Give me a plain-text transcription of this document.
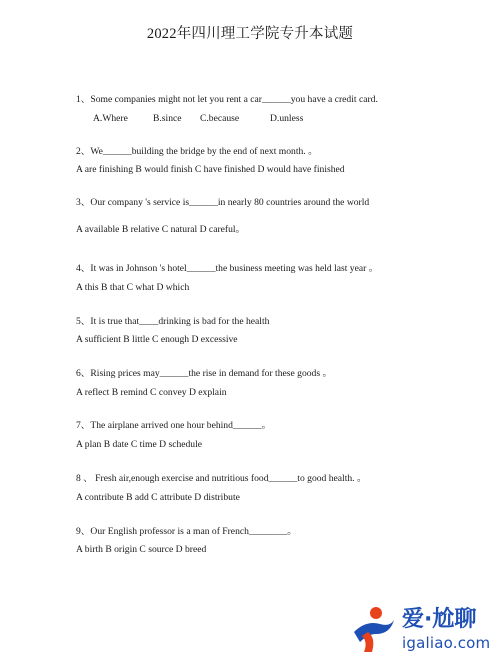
2022年四川理工学院专升本试题
1、Some companies might not let you rent a car______you have a credit card.
A.Where	B.since C.because	D.unless
2、We______building the bridge by the end of next month. 。
A are finishing B would finish C have finished D would have finished
3、Our company 's service is______in nearly 80 countries around the world
A available B relative C natural D careful。
4、It was in Johnson 's hotel______the business meeting was held last year 。
A this B that C what D which
5、It is true that____drinking is bad for the health
A sufficient B little C enough D excessive
6、Rising prices may______the rise in demand for these goods 。
A reflect B remind C convey D explain
7、The airplane arrived one hour behind______。
A plan B date C time D schedule
8 、 Fresh air,enough exercise and nutritious food______to good health. 。
A contribute B add C attribute D distribute
9、Our English professor is a man of French________。
A birth B origin C source D breed
爱·尬聊
igaliao.com
